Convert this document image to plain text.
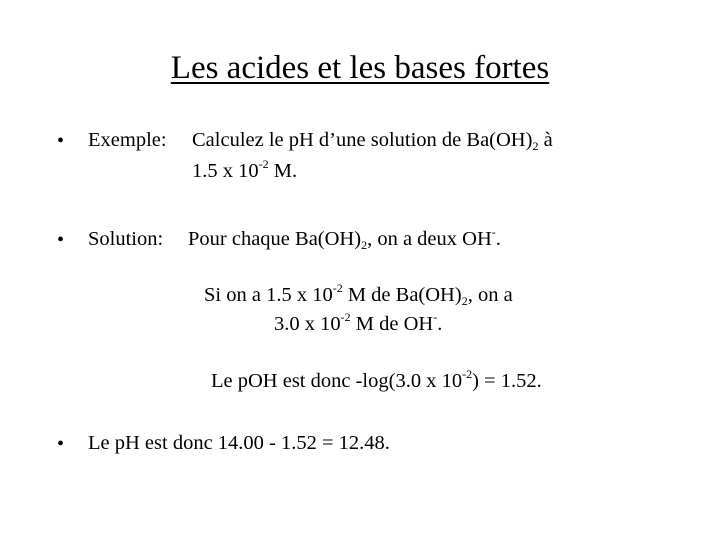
Les acides et les bases fortes
• Exemple: Calculez le pH d’une solution de $Ba(OH)_2$ à
1.5 x $10^{-2}$ M.
• Solution: Pour chaque $Ba(OH)_2$, on a deux OH-.
Si on a 1.5 x $10^{-2}$ M de $Ba(OH)_2$, on a
3.0 x $10^{-2}$ M de OH-.
Le pOH est donc -log(3.0 x $10^{-2}) = 1.52$.
• Le pH est donc 14.00 - 1.52 = 12.48.
